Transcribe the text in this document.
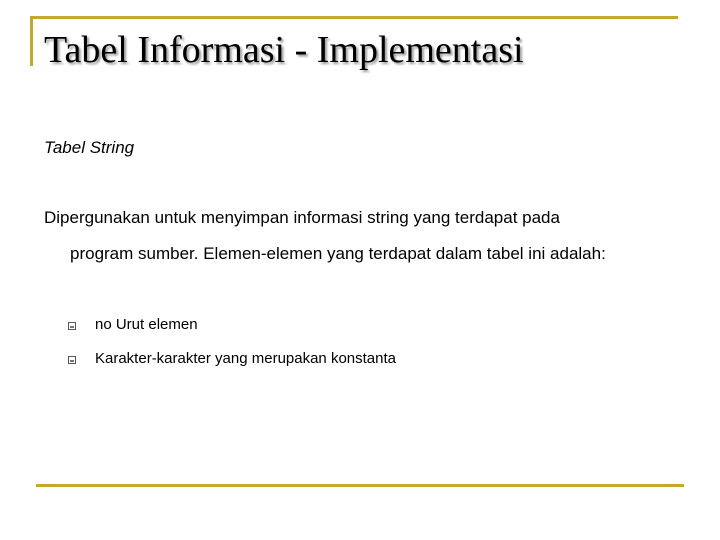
Tabel Informasi - Implementasi
Tabel String
Dipergunakan untuk menyimpan informasi string yang terdapat pada
program sumber. Elemen-elemen yang terdapat dalam tabel ini adalah:
no Urut elemen
Karakter-karakter yang merupakan konstanta
